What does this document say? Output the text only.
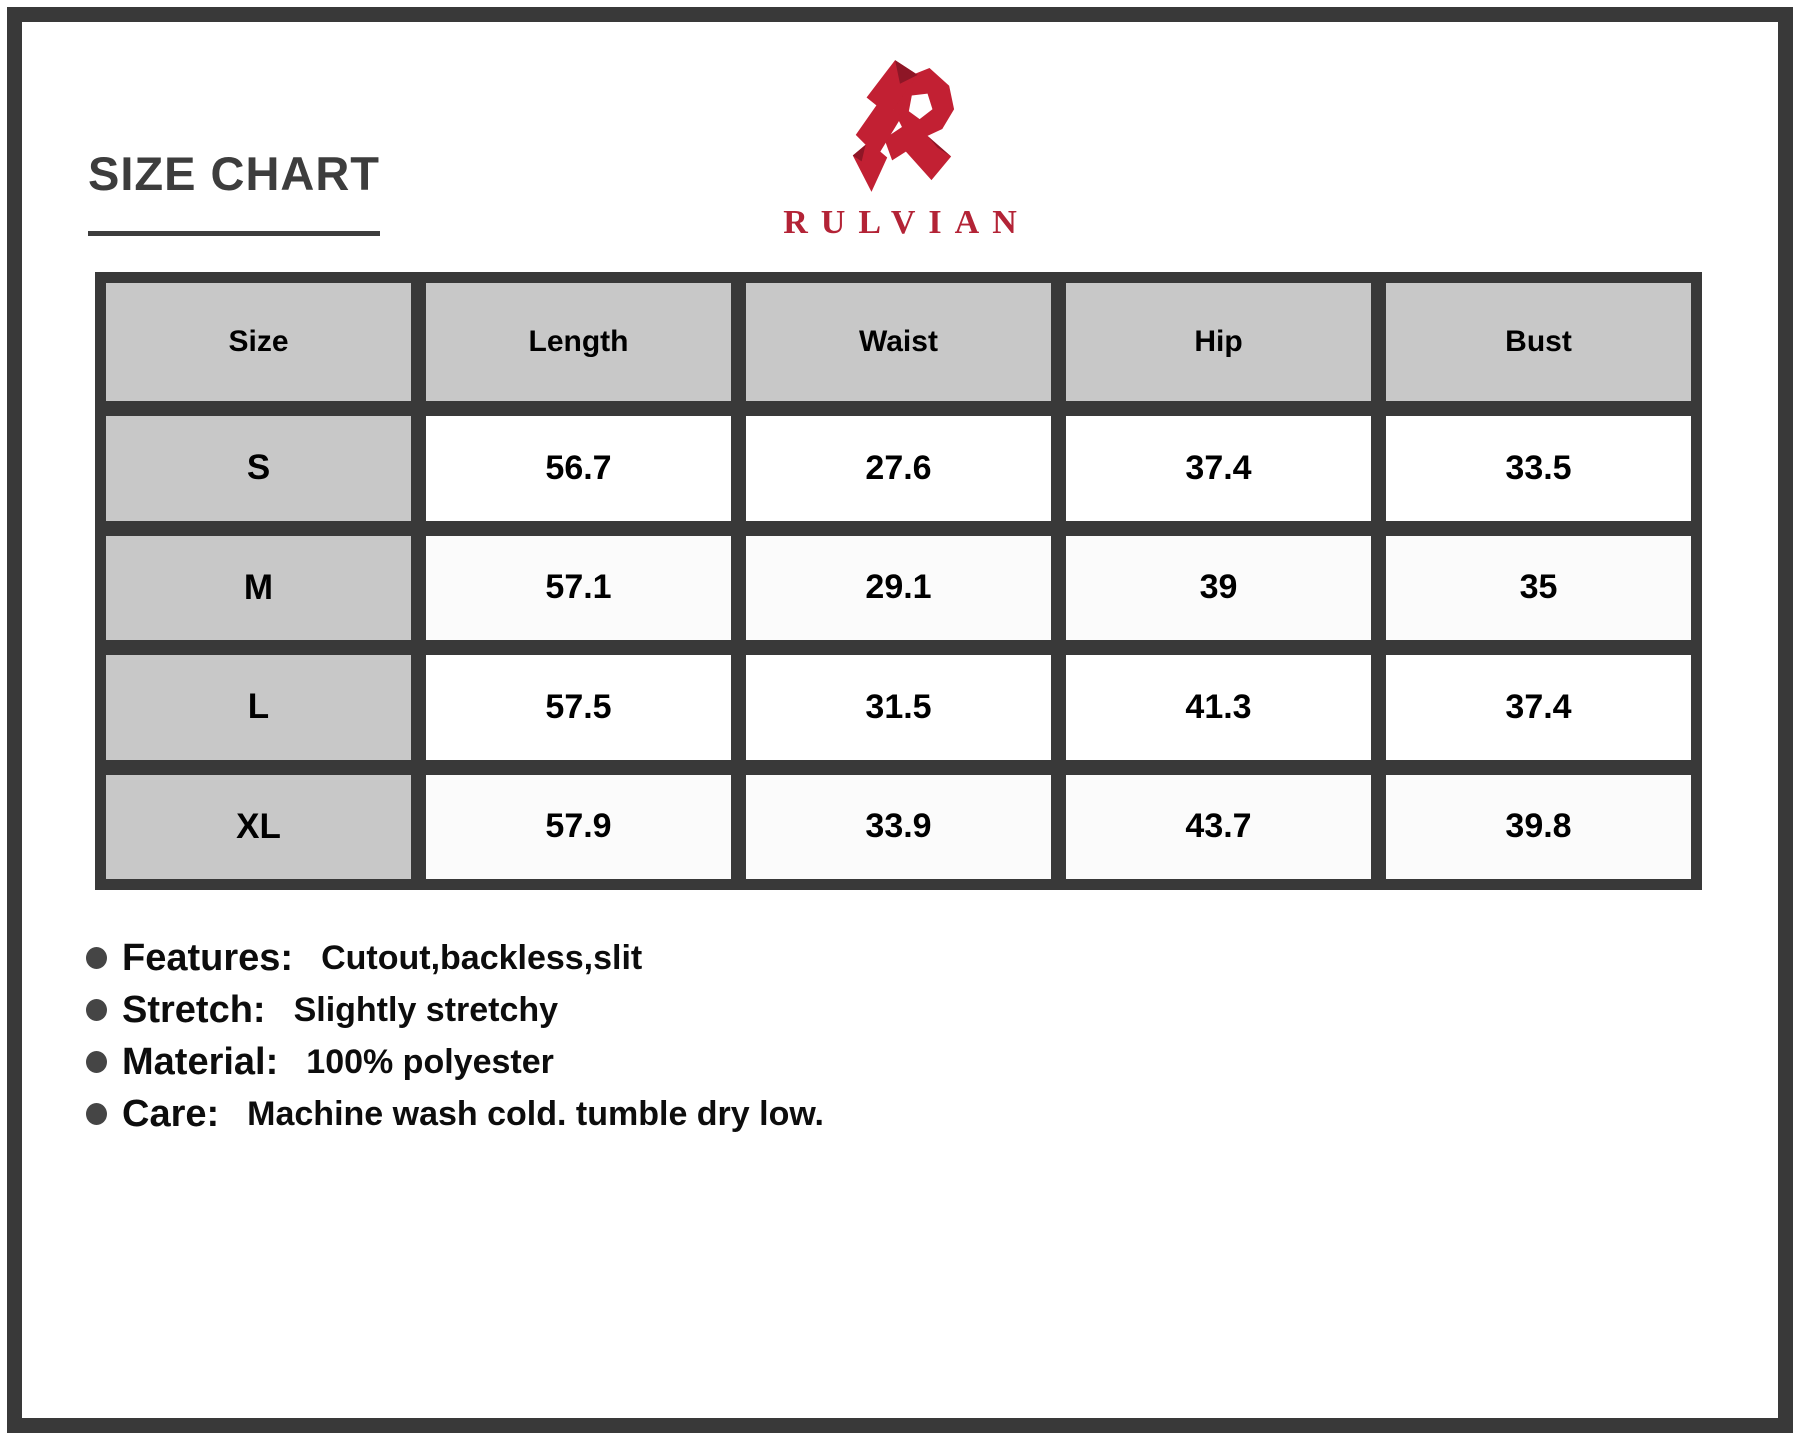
SIZE CHART
RULVIAN
Size	Length	Waist	Hip	Bust
S	56.7	27.6	37.4	33.5
M	57.1	29.1	39	35
L	57.5	31.5	41.3	37.4
XL	57.9	33.9	43.7	39.8
Features: Cutout,backless,slit
Stretch: Slightly stretchy
Material: 100% polyester
Care: Machine wash cold. tumble dry low.
